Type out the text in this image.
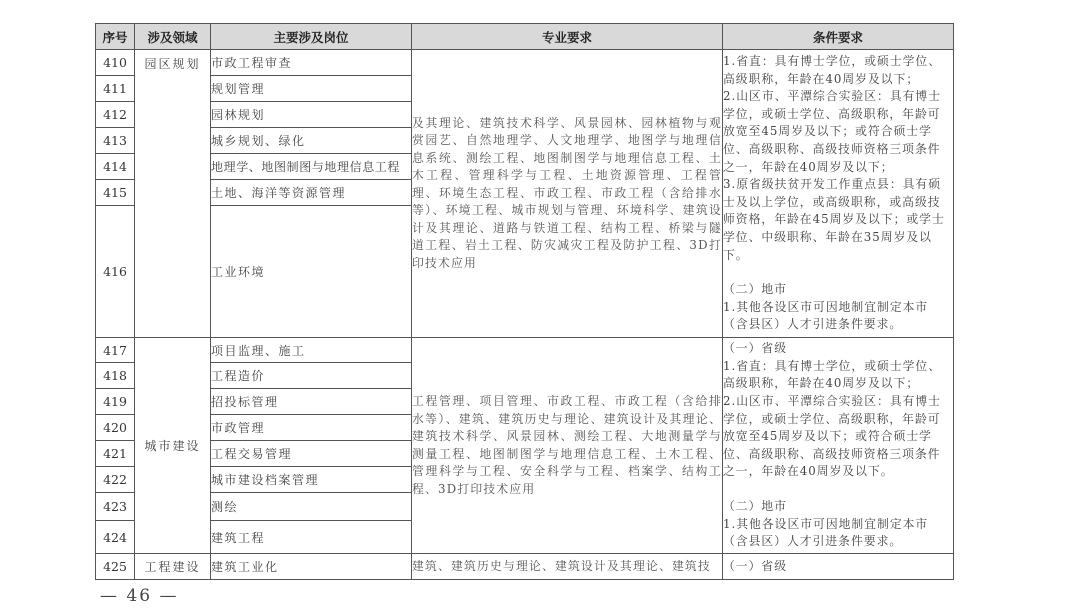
序号	涉及领域	主要涉及岗位	专业要求	条件要求
410	园区规划	市政工程审查	及其理论、建筑技术科学、风景园林、园林植物与观赏园艺、自然地理学、人文地理学、地图学与地理信息系统、测绘工程、地图制图学与地理信息工程、土木工程、管理科学与工程、土地资源管理、工程管理、环境生态工程、市政工程、市政工程（含给排水等）、环境工程、城市规划与管理、环境科学、建筑设计及其理论、道路与铁道工程、结构工程、桥梁与隧道工程、岩土工程、防灾减灾工程及防护工程、3D打印技术应用	1.省直：具有博士学位，或硕士学位、高级职称，年龄在40周岁及以下；

2.山区市、平潭综合实验区：具有博士学位，或硕士学位、高级职称，年龄可放宽至45周岁及以下；或符合硕士学位、高级职称、高级技师资格三项条件之一，年龄在40周岁及以下；

3.原省级扶贫开发工作重点县：具有硕士及以上学位，或高级职称，或高级技师资格，年龄在45周岁及以下；或学士学位、中级职称、年龄在35周岁及以下。

（二）地市

1.其他各设区市可因地制宜制定本市（含县区）人才引进条件要求。

411		规划管理		
412		园林规划		
413		城乡规划、绿化		
414		地理学、地图制图与地理信息工程		
415		土地、海洋等资源管理		
416		工业环境		
417	城市建设	项目监理、施工	工程管理、项目管理、市政工程、市政工程（含给排水等）、建筑、建筑历史与理论、建筑设计及其理论、建筑技术科学、风景园林、测绘工程、大地测量学与测量工程、地图制图学与地理信息工程、土木工程、管理科学与工程、安全科学与工程、档案学、结构工程、3D打印技术应用	（一）省级

1.省直：具有博士学位，或硕士学位、高级职称，年龄在40周岁及以下；

2.山区市、平潭综合实验区：具有博士学位，或硕士学位、高级职称，年龄可放宽至45周岁及以下；或符合硕士学位、高级职称、高级技师资格三项条件之一，年龄在40周岁及以下。

（二）地市

1.其他各设区市可因地制宜制定本市（含县区）人才引进条件要求。

418		工程造价		
419		招投标管理		
420		市政管理		
421		工程交易管理		
422		城市建设档案管理		
423		测绘		
424		建筑工程		
425	工程建设	建筑工业化	建筑、建筑历史与理论、建筑设计及其理论、建筑技	（一）省级

— 46 —
